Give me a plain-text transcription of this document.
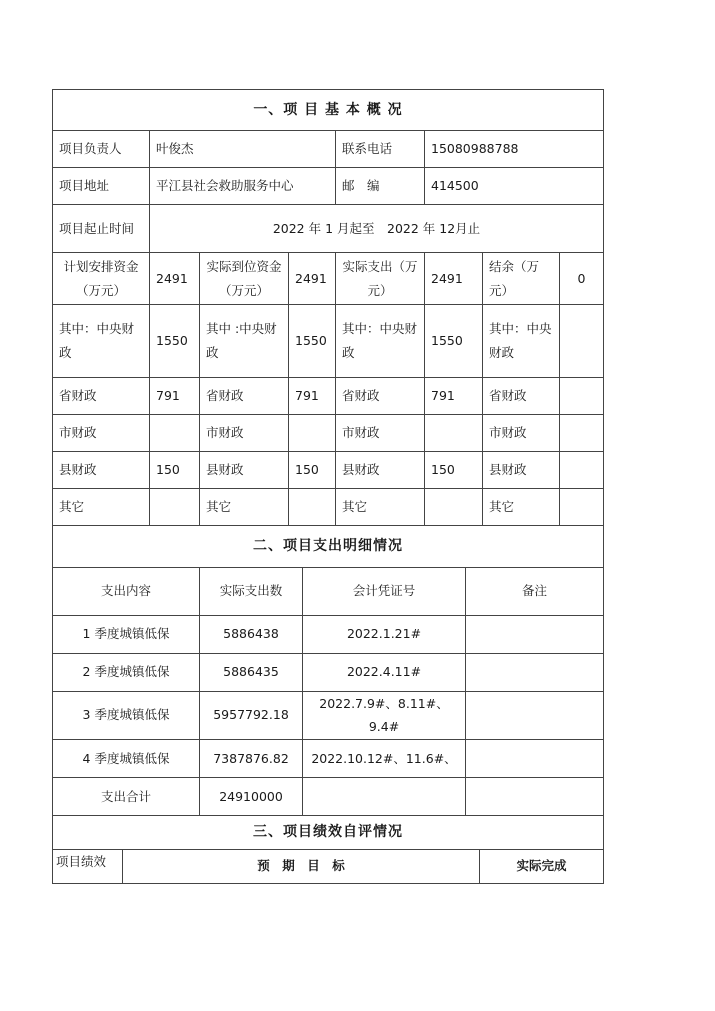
一、项 目 基 本 概 况							
项目负责人	叶俊杰			联系电话	15080988788		
项目地址	平江县社会救助服务中心			邮　编	414500		
项目起止时间	2022 年 1 月起至　2022 年 12月止						
计划安排资金（万元）	2491	实际到位资金（万元）	2491	实际支出（万元）	2491	结余（万元）	0
其中：中央财政	1550	其中 :中央财政	1550	其中：中央财政	1550	其中：中央财政	
省财政	791	省财政	791	省财政	791	省财政	
市财政		市财政		市财政		市财政	
县财政	150	县财政	150	县财政	150	县财政	
其它		其它		其它		其它	
二、项目支出明细情况							
支出内容	实际支出数	会计凭证号	备注
1 季度城镇低保	5886438	2022.1.21#	
2 季度城镇低保	5886435	2022.4.11#	
3 季度城镇低保	5957792.18	2022.7.9#、8.11#、9.4#	
4 季度城镇低保	7387876.82	2022.10.12#、11.6#、	
支出合计	24910000		
三、项目绩效自评情况
项目绩效	预　期　目　标	实际完成
